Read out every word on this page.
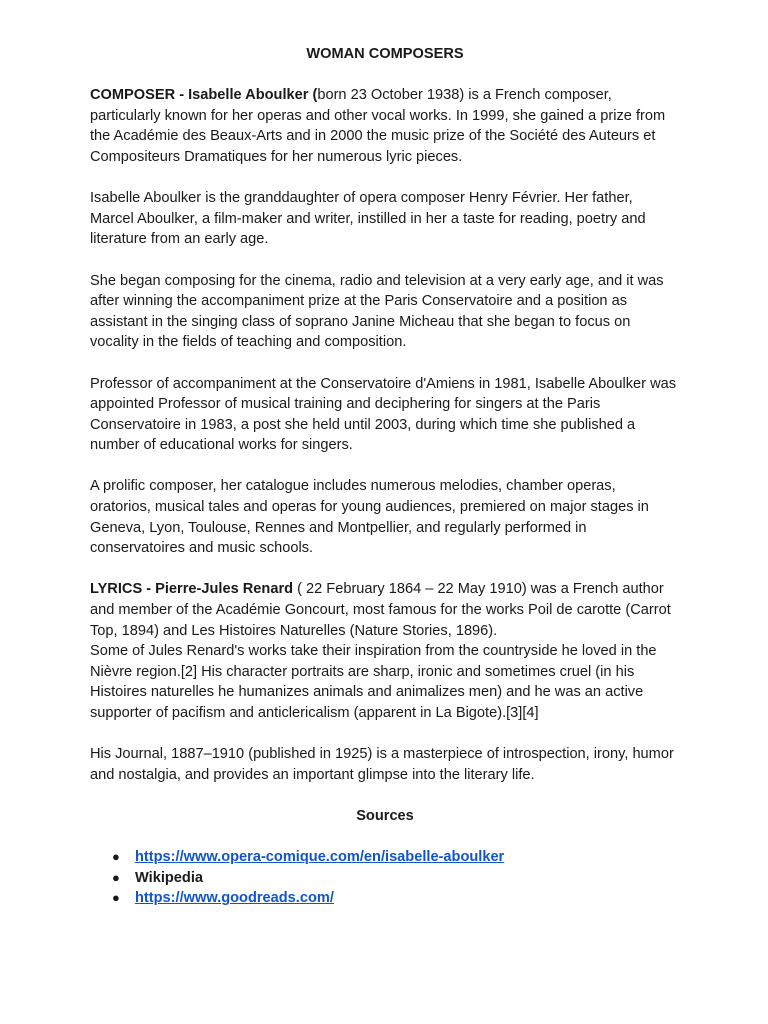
WOMAN COMPOSERS

COMPOSER - Isabelle Aboulker (born 23 October 1938) is a French composer, particularly known for her operas and other vocal works. In 1999, she gained a prize from the Académie des Beaux-Arts and in 2000 the music prize of the Société des Auteurs et Compositeurs Dramatiques for her numerous lyric pieces.

Isabelle Aboulker is the granddaughter of opera composer Henry Février. Her father, Marcel Aboulker, a film-maker and writer, instilled in her a taste for reading, poetry and literature from an early age.

She began composing for the cinema, radio and television at a very early age, and it was after winning the accompaniment prize at the Paris Conservatoire and a position as assistant in the singing class of soprano Janine Micheau that she began to focus on vocality in the fields of teaching and composition.

Professor of accompaniment at the Conservatoire d'Amiens in 1981, Isabelle Aboulker was appointed Professor of musical training and deciphering for singers at the Paris Conservatoire in 1983, a post she held until 2003, during which time she published a number of educational works for singers.

A prolific composer, her catalogue includes numerous melodies, chamber operas, oratorios, musical tales and operas for young audiences, premiered on major stages in Geneva, Lyon, Toulouse, Rennes and Montpellier, and regularly performed in conservatoires and music schools.

LYRICS - Pierre-Jules Renard ( 22 February 1864 – 22 May 1910) was a French author and member of the Académie Goncourt, most famous for the works Poil de carotte (Carrot Top, 1894) and Les Histoires Naturelles (Nature Stories, 1896).

Some of Jules Renard's works take their inspiration from the countryside he loved in the Nièvre region.[2] His character portraits are sharp, ironic and sometimes cruel (in his Histoires naturelles he humanizes animals and animalizes men) and he was an active supporter of pacifism and anticlericalism (apparent in La Bigote).[3][4]

His Journal, 1887–1910 (published in 1925) is a masterpiece of introspection, irony, humor and nostalgia, and provides an important glimpse into the literary life.

Sources
● https://www.opera-comique.com/en/isabelle-aboulker
● Wikipedia
● https://www.goodreads.com/
